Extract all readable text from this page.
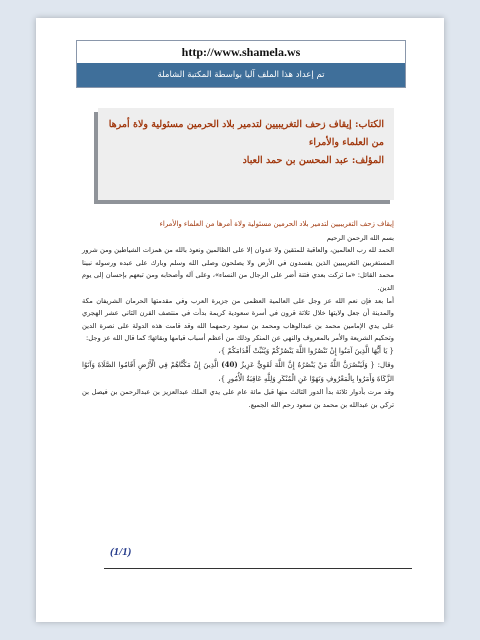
http://www.shamela.ws
تم إعداد هذا الملف آليا بواسطة المكتبة الشاملة
الكتاب: إيقاف زحف التغريبيين لتدمير بلاد الحرمين مسئولية ولاة أمرها
من العلماء والأمراء
المؤلف: عبد المحسن بن حمد العباد

إيقاف زحف التغريبيين لتدمير بلاد الحرمين مسئولية ولاة أمرها من العلماء والأمراء

بسم الله الرحمن الرحيم

الحمد لله رب العالمين، والعاقبة للمتقين ولا عدوان إلا على الظالمين ونعوذ بالله من همزات الشياطين ومن شرور المستغربين التغريبيين الذين يفسدون في الأرض ولا يصلحون وصلى الله وسلم وبارك على عبده ورسوله نبينا محمد القائل: «ما تركت بعدي فتنة أضر على الرجال من النساء»، وعلى آله وأصحابه ومن تبعهم بإحسان إلى يوم الدين.

أما بعد فإن نعم الله عز وجل على العالمية العظمى من جزيرة العرب وفي مقدمتها الحرمان الشريفان مكة والمدينة أن جعل ولايتها خلال ثلاثة قرون في أسرة سعودية كريمة بدأت في منتصف القرن الثاني عشر الهجري على يدي الإمامين محمد بن عبدالوهاب ومحمد بن سعود رحمهما الله وقد قامت هذه الدولة على نصرة الدين وتحكيم الشريعة والأمر بالمعروف والنهي عن المنكر وذلك من أعظم أسباب قيامها وبقائها؛ كما قال الله عز وجل:

{ يَا أَيُّهَا الَّذِينَ آمَنُوا إِنْ تَنْصُرُوا اللَّهَ يَنْصُرْكُمْ وَيُثَبِّتْ أَقْدَامَكُمْ }،

وقال: { وَلَيَنْصُرَنَّ اللَّهُ مَنْ يَنْصُرُهُ إِنَّ اللَّهَ لَقَوِيٌّ عَزِيزٌ (40) الَّذِينَ إِنْ مَكَّنَّاهُمْ فِي الْأَرْضِ أَقَامُوا الصَّلَاةَ وَآتَوُا الزَّكَاةَ وَأَمَرُوا بِالْمَعْرُوفِ وَنَهَوْا عَنِ الْمُنْكَرِ وَلِلَّهِ عَاقِبَةُ الْأُمُورِ }،

وقد مرت بأدوار ثلاثة بدأ الدور الثالث منها قبل مائة عام على يدي الملك عبدالعزيز بن عبدالرحمن بن فيصل بن تركي بن عبدالله بن محمد بن سعود رحم الله الجميع.

(1/1)
